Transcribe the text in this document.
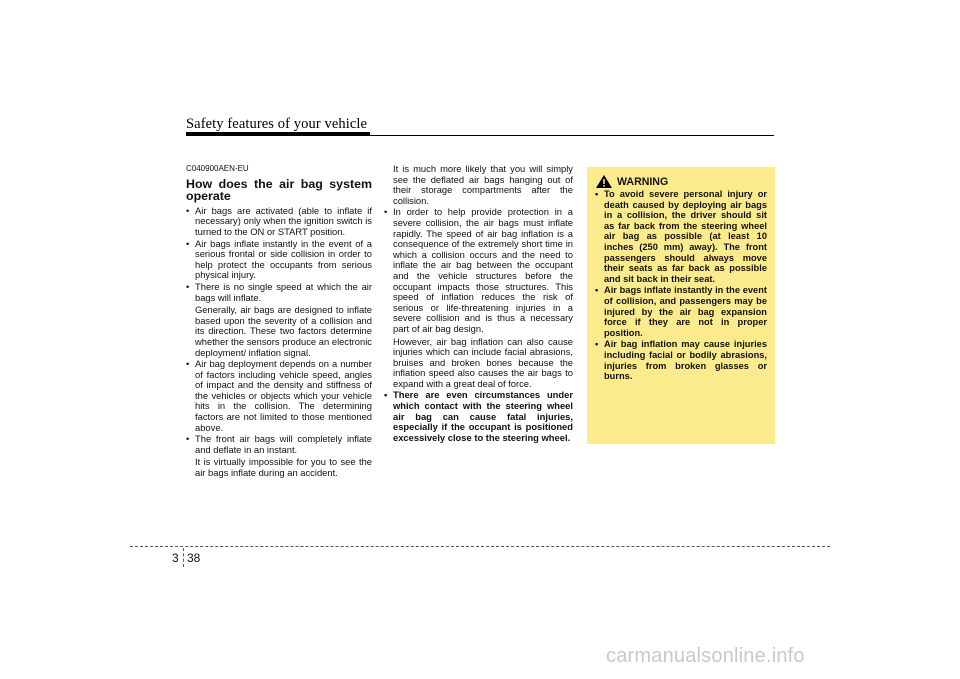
Safety features of your vehicle
C040900AEN-EU
How does the air bag system operate

• Air bags are activated (able to inflate if necessary) only when the ignition switch is turned to the ON or START position.

• Air bags inflate instantly in the event of a serious frontal or side collision in order to help protect the occupants from serious physical injury.

• There is no single speed at which the air bags will inflate.

Generally, air bags are designed to inflate based upon the severity of a collision and its direction. These two factors determine whether the sensors produce an electronic deployment/ inflation signal.

• Air bag deployment depends on a number of factors including vehicle speed, angles of impact and the density and stiffness of the vehicles or objects which your vehicle hits in the collision. The determining factors are not limited to those mentioned above.

• The front air bags will completely inflate and deflate in an instant.

It is virtually impossible for you to see the air bags inflate during an accident.

It is much more likely that you will simply see the deflated air bags hanging out of their storage compartments after the collision.

• In order to help provide protection in a severe collision, the air bags must inflate rapidly. The speed of air bag inflation is a consequence of the extremely short time in which a collision occurs and the need to inflate the air bag between the occupant and the vehicle structures before the occupant impacts those structures. This speed of inflation reduces the risk of serious or life-threatening injuries in a severe collision and is thus a necessary part of air bag design.

However, air bag inflation can also cause injuries which can include facial abrasions, bruises and broken bones because the inflation speed also causes the air bags to expand with a great deal of force.

• There are even circumstances under which contact with the steering wheel air bag can cause fatal injuries, especially if the occupant is positioned excessively close to the steering wheel.

WARNING
• To avoid severe personal injury or death caused by deploying air bags in a collision, the driver should sit as far back from the steering wheel air bag as possible (at least 10 inches (250 mm) away). The front passengers should always move their seats as far back as possible and sit back in their seat.
• Air bags inflate instantly in the event of collision, and passengers may be injured by the air bag expansion force if they are not in proper position.
• Air bag inflation may cause injuries including facial or bodily abrasions, injuries from broken glasses or burns.
3 38
carmanualsonline.info
